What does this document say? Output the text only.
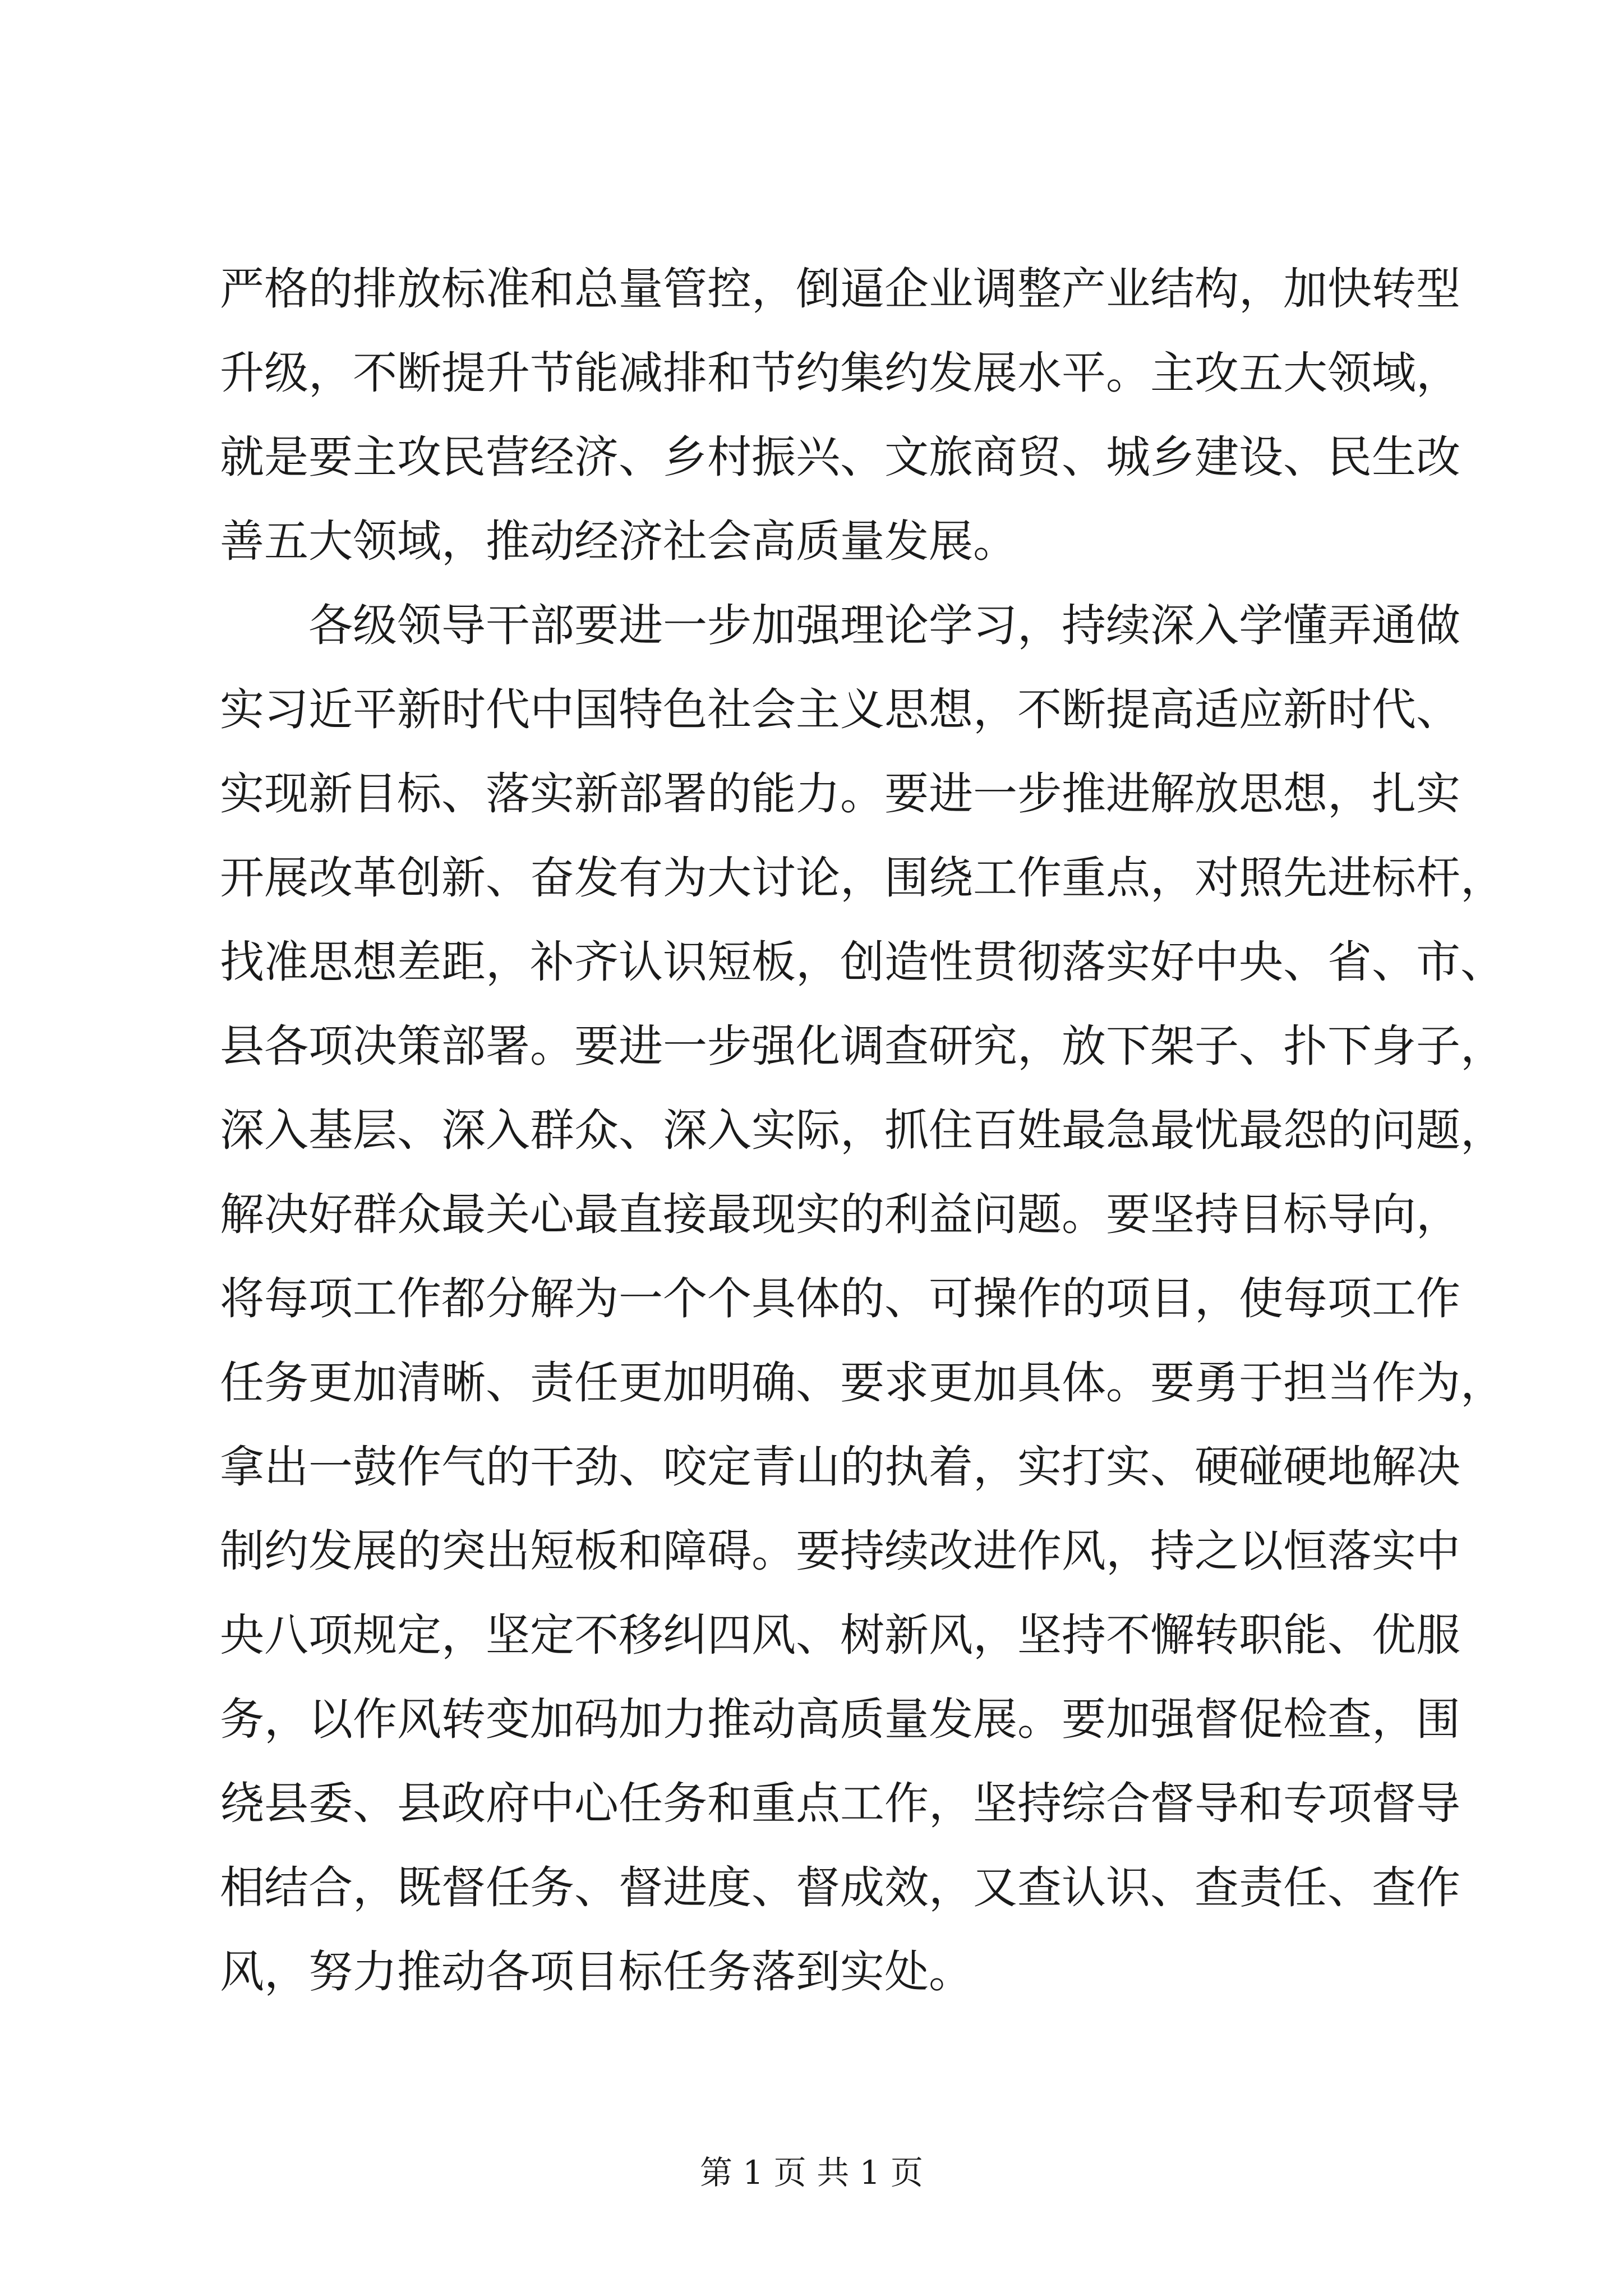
严格的排放标准和总量管控，倒逼企业调整产业结构，加快转型
升级，不断提升节能减排和节约集约发展水平。主攻五大领域，
就是要主攻民营经济、乡村振兴、文旅商贸、城乡建设、民生改
善五大领域，推动经济社会高质量发展。
各级领导干部要进一步加强理论学习，持续深入学懂弄通做
实习近平新时代中国特色社会主义思想，不断提高适应新时代、
实现新目标、落实新部署的能力。要进一步推进解放思想，扎实
开展改革创新、奋发有为大讨论，围绕工作重点，对照先进标杆，
找准思想差距，补齐认识短板，创造性贯彻落实好中央、省、市、
县各项决策部署。要进一步强化调查研究，放下架子、扑下身子，
深入基层、深入群众、深入实际，抓住百姓最急最忧最怨的问题，
解决好群众最关心最直接最现实的利益问题。要坚持目标导向，
将每项工作都分解为一个个具体的、可操作的项目，使每项工作
任务更加清晰、责任更加明确、要求更加具体。要勇于担当作为，
拿出一鼓作气的干劲、咬定青山的执着，实打实、硬碰硬地解决
制约发展的突出短板和障碍。要持续改进作风，持之以恒落实中
央八项规定，坚定不移纠四风、树新风，坚持不懈转职能、优服
务，以作风转变加码加力推动高质量发展。要加强督促检查，围
绕县委、县政府中心任务和重点工作，坚持综合督导和专项督导
相结合，既督任务、督进度、督成效，又查认识、查责任、查作
风，努力推动各项目标任务落到实处。
第 1 页 共 1 页
